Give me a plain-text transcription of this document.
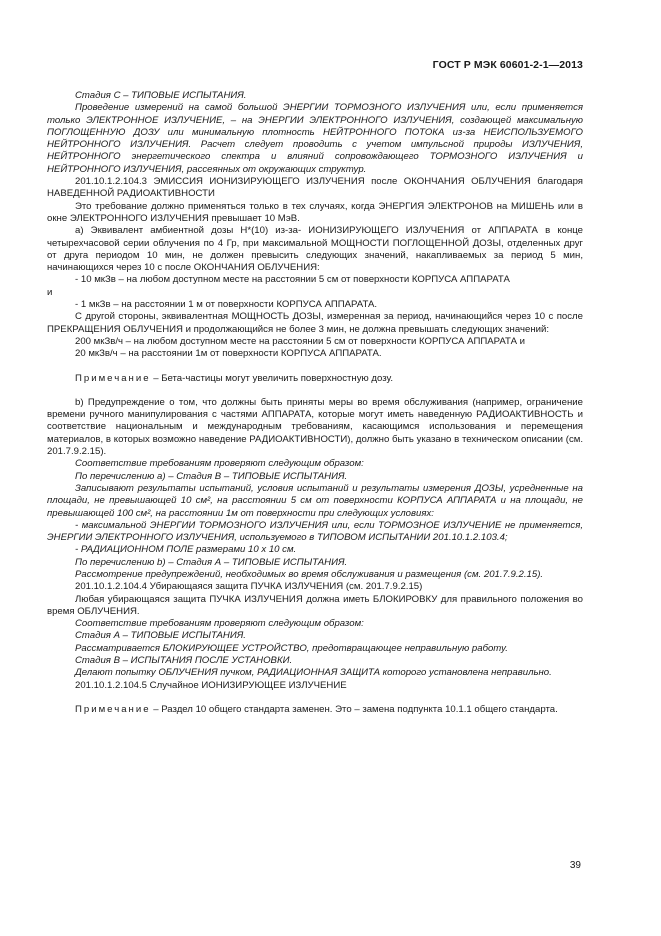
ГОСТ Р МЭК 60601-2-1—2013

Стадия С – ТИПОВЫЕ ИСПЫТАНИЯ.

Проведение измерений на самой большой ЭНЕРГИИ ТОРМОЗНОГО ИЗЛУЧЕНИЯ или, если применяется только ЭЛЕКТРОННОЕ ИЗЛУЧЕНИЕ, – на ЭНЕРГИИ ЭЛЕКТРОННОГО ИЗЛУЧЕНИЯ, создающей максимальную ПОГЛОЩЕННУЮ ДОЗУ или минимальную плотность НЕЙТРОННОГО ПОТОКА из-за НЕИСПОЛЬЗУЕМОГО НЕЙТРОННОГО ИЗЛУЧЕНИЯ. Расчет следует проводить с учетом импульсной природы ИЗЛУЧЕНИЯ, НЕЙТРОННОГО энергетического спектра и влияний сопровождающего ТОРМОЗНОГО ИЗЛУЧЕНИЯ и НЕЙТРОННОГО ИЗЛУЧЕНИЯ, рассеянных от окружающих структур.

201.10.1.2.104.3 ЭМИССИЯ ИОНИЗИРУЮЩЕГО ИЗЛУЧЕНИЯ после ОКОНЧАНИЯ ОБЛУЧЕНИЯ благодаря НАВЕДЕННОЙ РАДИОАКТИВНОСТИ

Это требование должно применяться только в тех случаях, когда ЭНЕРГИЯ ЭЛЕКТРОНОВ на МИШЕНЬ или в окне ЭЛЕКТРОННОГО ИЗЛУЧЕНИЯ превышает 10 МэВ.

а) Эквивалент амбиентной дозы Н*(10) из-за- ИОНИЗИРУЮЩЕГО ИЗЛУЧЕНИЯ от АППАРАТА в конце четырехчасовой серии облучения по 4 Гр, при максимальной МОЩНОСТИ ПОГЛОЩЕННОЙ ДОЗЫ, отделенных друг от друга периодом 10 мин, не должен превысить следующих значений, накапливаемых за период 5 мин, начинающихся через 10 с после ОКОНЧАНИЯ ОБЛУЧЕНИЯ:

- 10 мкЗв – на любом доступном месте на расстоянии 5 см от поверхности КОРПУСА АППАРАТА

и

- 1 мкЗв – на расстоянии 1 м от поверхности КОРПУСА АППАРАТА.

С другой стороны, эквивалентная МОЩНОСТЬ ДОЗЫ, измеренная за период, начинающийся через 10 с после ПРЕКРАЩЕНИЯ ОБЛУЧЕНИЯ и продолжающийся не более 3 мин, не должна превышать следующих значений:

200 мкЗв/ч – на любом доступном месте на расстоянии 5 см от поверхности КОРПУСА АППАРАТА и

20 мкЗв/ч – на расстоянии 1м от поверхности КОРПУСА АППАРАТА.

Примечание – Бета-частицы могут увеличить поверхностную дозу.

b) Предупреждение о том, что должны быть приняты меры во время обслуживания (например, ограничение времени ручного манипулирования с частями АППАРАТА, которые могут иметь наведенную РАДИОАКТИВНОСТЬ и соответствие национальным и международным требованиям, касающимся использования и перемещения материалов, в которых возможно наведение РАДИОАКТИВНОСТИ), должно быть указано в техническом описании (см. 201.7.9.2.15).

Соответствие требованиям проверяют следующим образом:

По перечислению а) – Стадия В – ТИПОВЫЕ ИСПЫТАНИЯ.

Записывают результаты испытаний, условия испытаний и результаты измерения ДОЗЫ, усредненные на площади, не превышающей 10 см², на расстоянии 5 см от поверхности КОРПУСА АППАРАТА и на площади, не превышающей 100 см², на расстоянии 1м от поверхности при следующих условиях:

- максимальной ЭНЕРГИИ ТОРМОЗНОГО ИЗЛУЧЕНИЯ или, если ТОРМОЗНОЕ ИЗЛУЧЕНИЕ не применяется, ЭНЕРГИИ ЭЛЕКТРОННОГО ИЗЛУЧЕНИЯ, используемого в ТИПОВОМ ИСПЫТАНИИ 201.10.1.2.103.4;

- РАДИАЦИОННОМ ПОЛЕ размерами 10 x 10 см.

По перечислению b) – Стадия А – ТИПОВЫЕ ИСПЫТАНИЯ.

Рассмотрение предупреждений, необходимых во время обслуживания и размещения (см. 201.7.9.2.15).

201.10.1.2.104.4 Убирающаяся защита ПУЧКА ИЗЛУЧЕНИЯ (см. 201.7.9.2.15)

Любая убирающаяся защита ПУЧКА ИЗЛУЧЕНИЯ должна иметь БЛОКИРОВКУ для правильного положения во время ОБЛУЧЕНИЯ.

Соответствие требованиям проверяют следующим образом:

Стадия А – ТИПОВЫЕ ИСПЫТАНИЯ.

Рассматривается БЛОКИРУЮЩЕЕ УСТРОЙСТВО, предотвращающее неправильную работу.

Стадия В – ИСПЫТАНИЯ ПОСЛЕ УСТАНОВКИ.

Делают попытку ОБЛУЧЕНИЯ пучком, РАДИАЦИОННАЯ ЗАЩИТА которого установлена неправильно.

201.10.1.2.104.5 Случайное ИОНИЗИРУЮЩЕЕ ИЗЛУЧЕНИЕ

Примечание – Раздел 10 общего стандарта заменен. Это – замена подпункта 10.1.1 общего стандарта.

39
